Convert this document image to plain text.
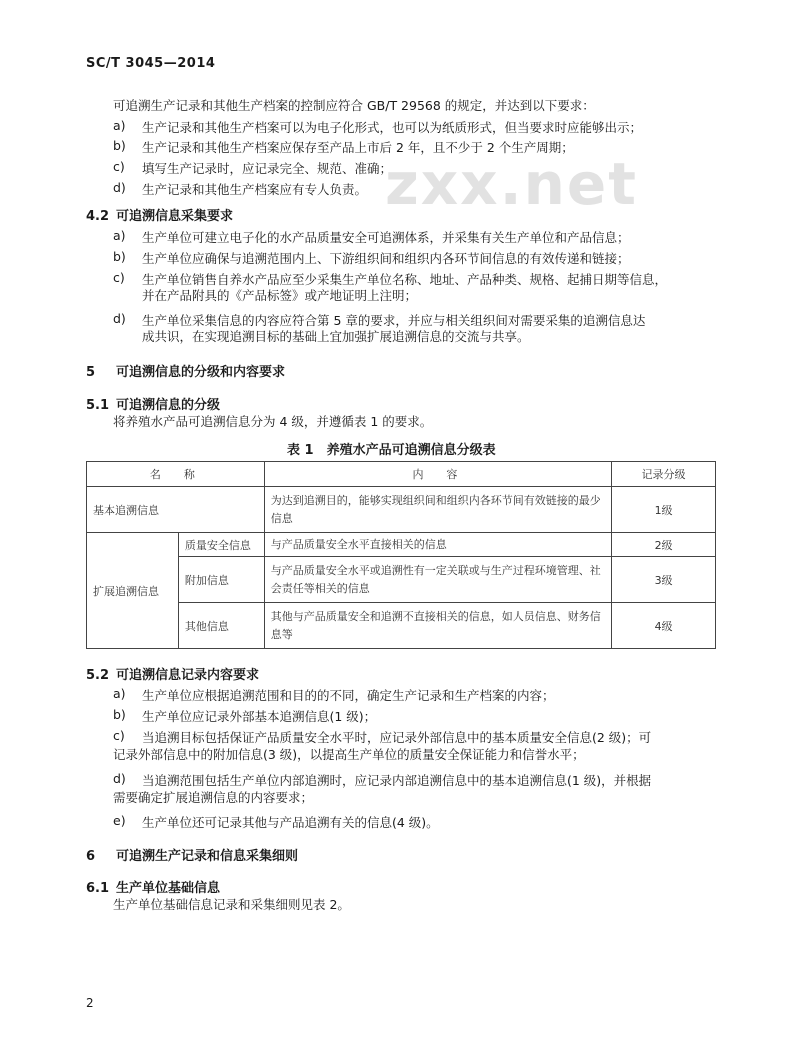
SC/T 3045—2014
zxx.net
可追溯生产记录和其他生产档案的控制应符合 GB/T 29568 的规定，并达到以下要求：
a) 生产记录和其他生产档案可以为电子化形式，也可以为纸质形式，但当要求时应能够出示；
b) 生产记录和其他生产档案应保存至产品上市后 2 年，且不少于 2 个生产周期；
c) 填写生产记录时，应记录完全、规范、准确；
d) 生产记录和其他生产档案应有专人负责。
4.2 可追溯信息采集要求
a) 生产单位可建立电子化的水产品质量安全可追溯体系，并采集有关生产单位和产品信息；
b) 生产单位应确保与追溯范围内上、下游组织间和组织内各环节间信息的有效传递和链接；
c) 生产单位销售自养水产品应至少采集生产单位名称、地址、产品种类、规格、起捕日期等信息，
并在产品附具的《产品标签》或产地证明上注明；
d) 生产单位采集信息的内容应符合第 5 章的要求，并应与相关组织间对需要采集的追溯信息达
成共识，在实现追溯目标的基础上宜加强扩展追溯信息的交流与共享。
5 可追溯信息的分级和内容要求
5.1 可追溯信息的分级
将养殖水产品可追溯信息分为 4 级，并遵循表 1 的要求。
表 1　养殖水产品可追溯信息分级表
名　称		内　容	记录分级
基本追溯信息		为达到追溯目的，能够实现组织间和组织内各环节间有效链接的最少信息	1级
扩展追溯信息	质量安全信息	与产品质量安全水平直接相关的信息	2级
	附加信息	与产品质量安全水平或追溯性有一定关联或与生产过程环境管理、社会责任等相关的信息	3级
	其他信息	其他与产品质量安全和追溯不直接相关的信息，如人员信息、财务信息等	4级
5.2 可追溯信息记录内容要求
a) 生产单位应根据追溯范围和目的的不同，确定生产记录和生产档案的内容；
b) 生产单位应记录外部基本追溯信息(1 级)；
c) 当追溯目标包括保证产品质量安全水平时，应记录外部信息中的基本质量安全信息(2 级)；可
记录外部信息中的附加信息(3 级)，以提高生产单位的质量安全保证能力和信誉水平；
d) 当追溯范围包括生产单位内部追溯时，应记录内部追溯信息中的基本追溯信息(1 级)，并根据
需要确定扩展追溯信息的内容要求；
e) 生产单位还可记录其他与产品追溯有关的信息(4 级)。
6 可追溯生产记录和信息采集细则
6.1 生产单位基础信息
生产单位基础信息记录和采集细则见表 2。
2
